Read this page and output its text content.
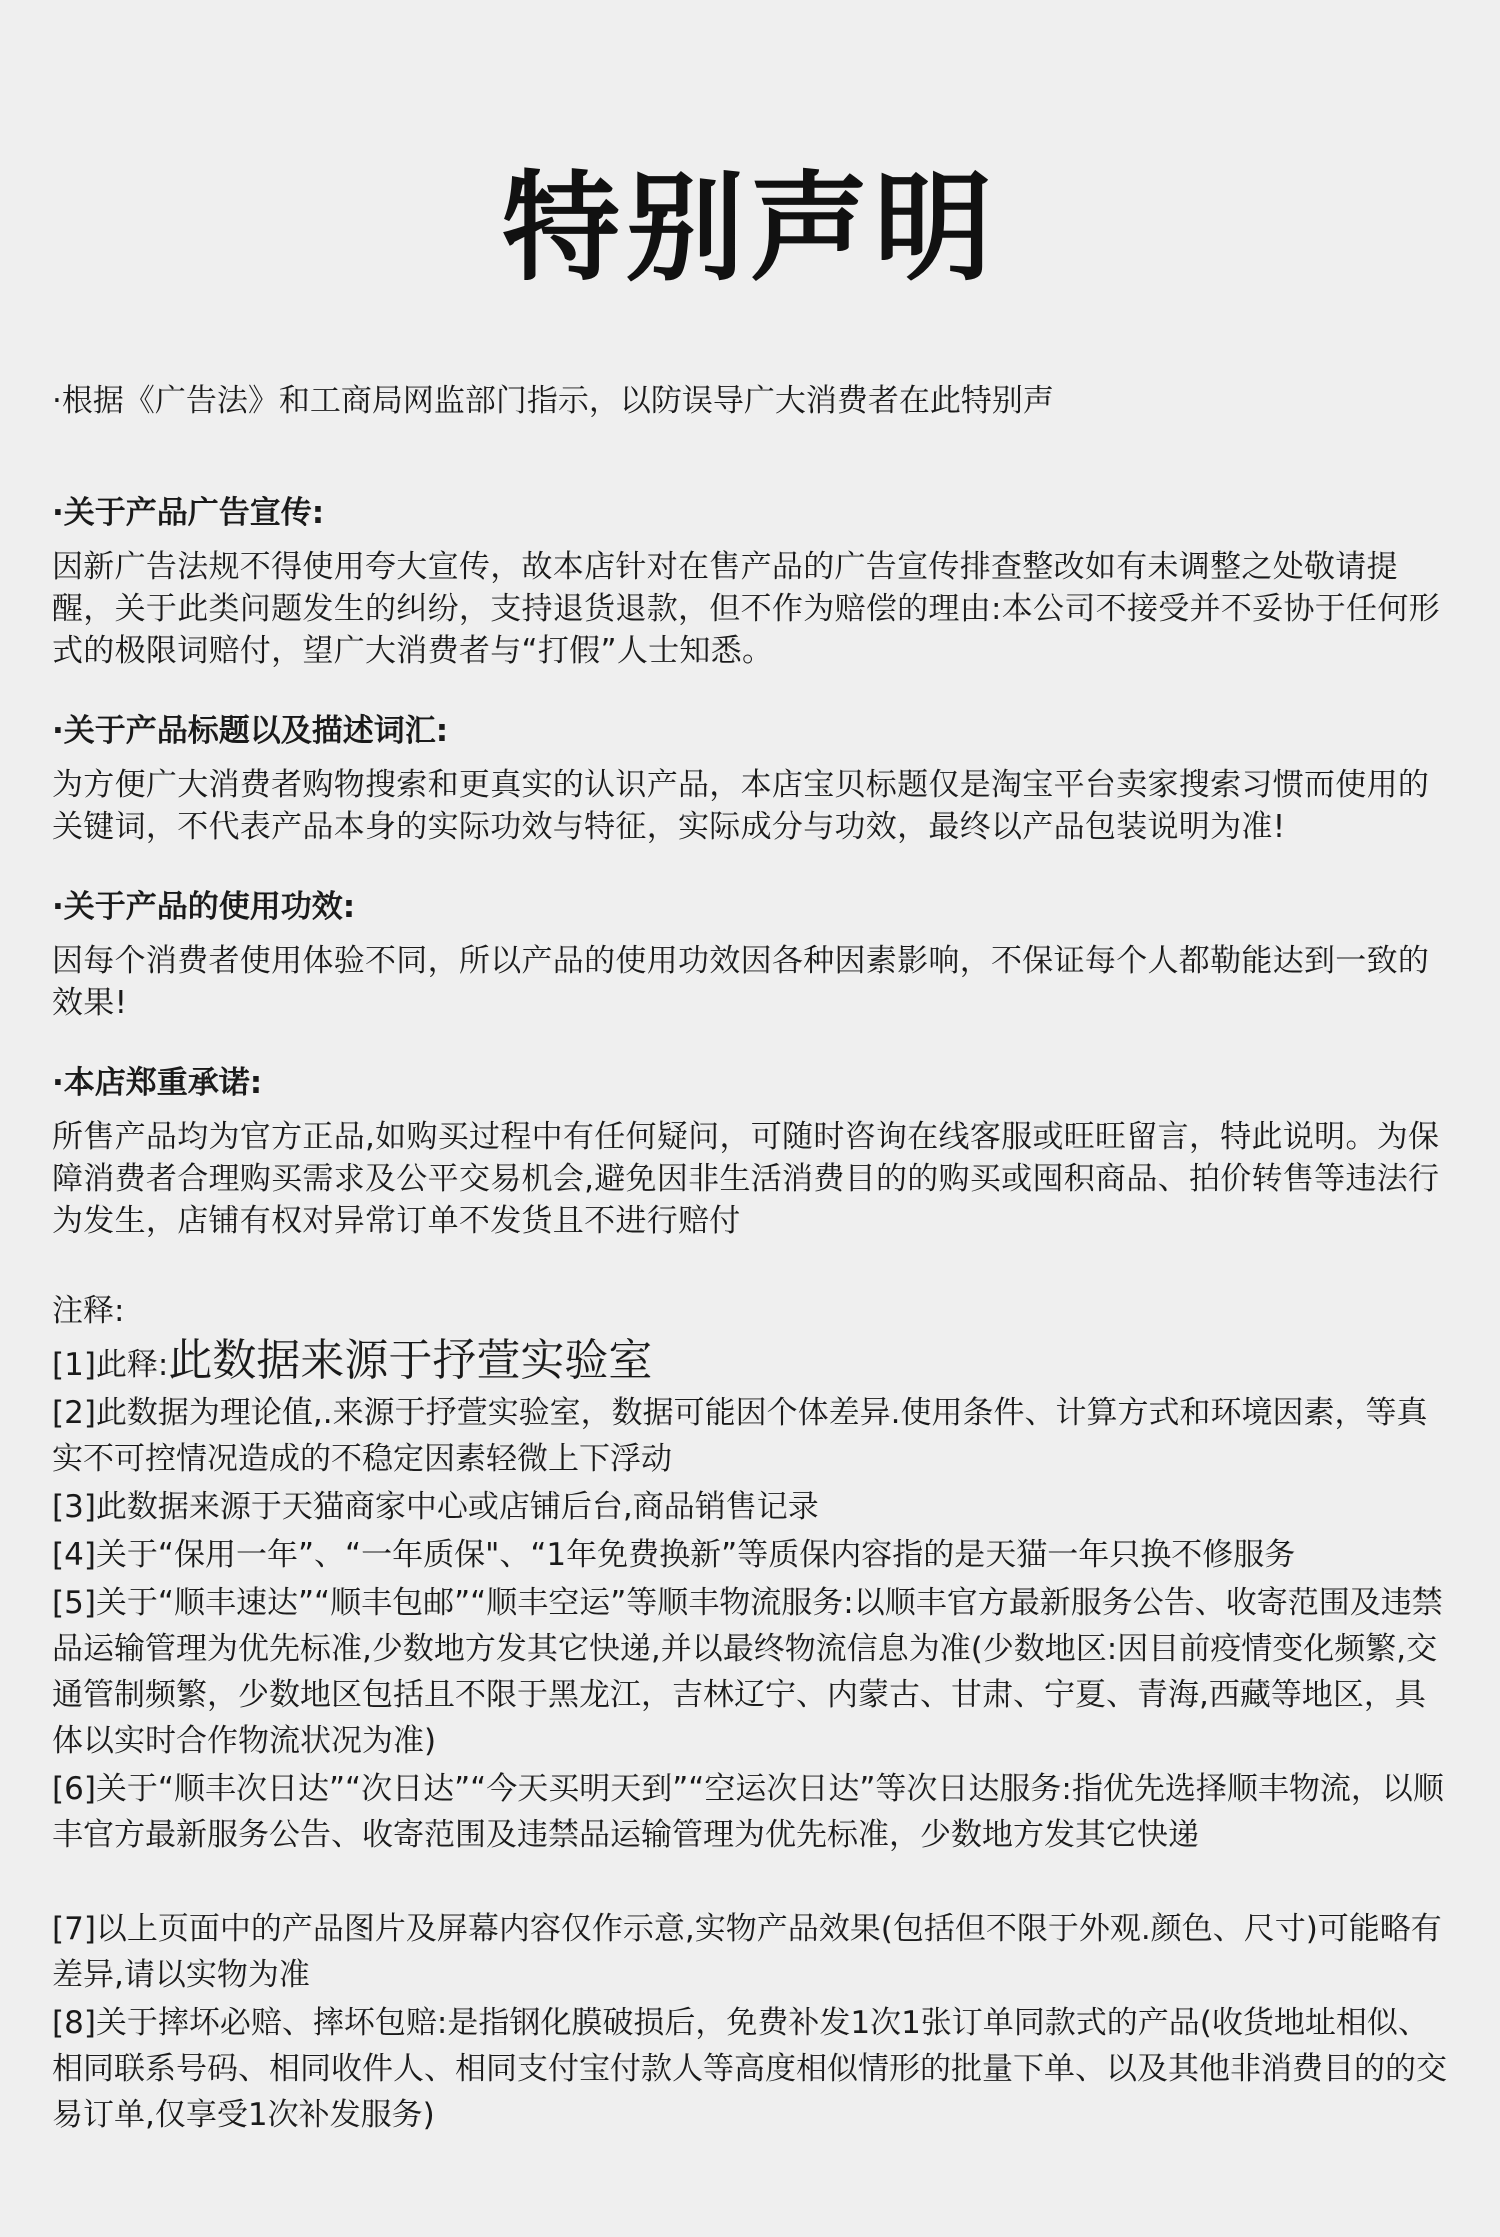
特别声明

·根据《广告法》和工商局网监部门指示，以防误导广大消费者在此特别声

·关于产品广告宣传:

因新广告法规不得使用夸大宣传，故本店针对在售产品的广告宣传排查整改如有未调整之处敬请提醒，关于此类问题发生的纠纷，支持退货退款，但不作为赔偿的理由:本公司不接受并不妥协于任何形式的极限词赔付，望广大消费者与“打假”人士知悉。

·关于产品标题以及描述词汇:

为方便广大消费者购物搜索和更真实的认识产品，本店宝贝标题仅是淘宝平台卖家搜索习惯而使用的关键词，不代表产品本身的实际功效与特征，实际成分与功效，最终以产品包装说明为准!

·关于产品的使用功效:

因每个消费者使用体验不同，所以产品的使用功效因各种因素影响，不保证每个人都勒能达到一致的效果!

·本店郑重承诺:

所售产品均为官方正品,如购买过程中有任何疑问，可随时咨询在线客服或旺旺留言，特此说明。为保障消费者合理购买需求及公平交易机会,避免因非生活消费目的的购买或囤积商品、拍价转售等违法行为发生，店铺有权对异常订单不发货且不进行赔付

注释:

[1]此释:此数据来源于抒萱实验室

[2]此数据为理论值,.来源于抒萱实验室，数据可能因个体差异.使用条件、计算方式和环境因素，等真实不可控情况造成的不稳定因素轻微上下浮动

[3]此数据来源于天猫商家中心或店铺后台,商品销售记录

[4]关于“保用一年”、“一年质保"、“1年免费换新”等质保内容指的是天猫一年只换不修服务

[5]关于“顺丰速达”“顺丰包邮”“顺丰空运”等顺丰物流服务:以顺丰官方最新服务公告、收寄范围及违禁品运输管理为优先标准,少数地方发其它快递,并以最终物流信息为准(少数地区:因目前疫情变化频繁,交通管制频繁，少数地区包括且不限于黑龙江，吉林辽宁、内蒙古、甘肃、宁夏、青海,西藏等地区，具体以实时合作物流状况为准)

[6]关于“顺丰次日达”“次日达”“今天买明天到”“空运次日达”等次日达服务:指优先选择顺丰物流，以顺丰官方最新服务公告、收寄范围及违禁品运输管理为优先标准，少数地方发其它快递

[7]以上页面中的产品图片及屏幕内容仅作示意,实物产品效果(包括但不限于外观.颜色、尺寸)可能略有差异,请以实物为准

[8]关于摔坏必赔、摔坏包赔:是指钢化膜破损后，免费补发1次1张订单同款式的产品(收货地址相似、相同联系号码、相同收件人、相同支付宝付款人等高度相似情形的批量下单、以及其他非消费目的的交易订单,仅享受1次补发服务)
